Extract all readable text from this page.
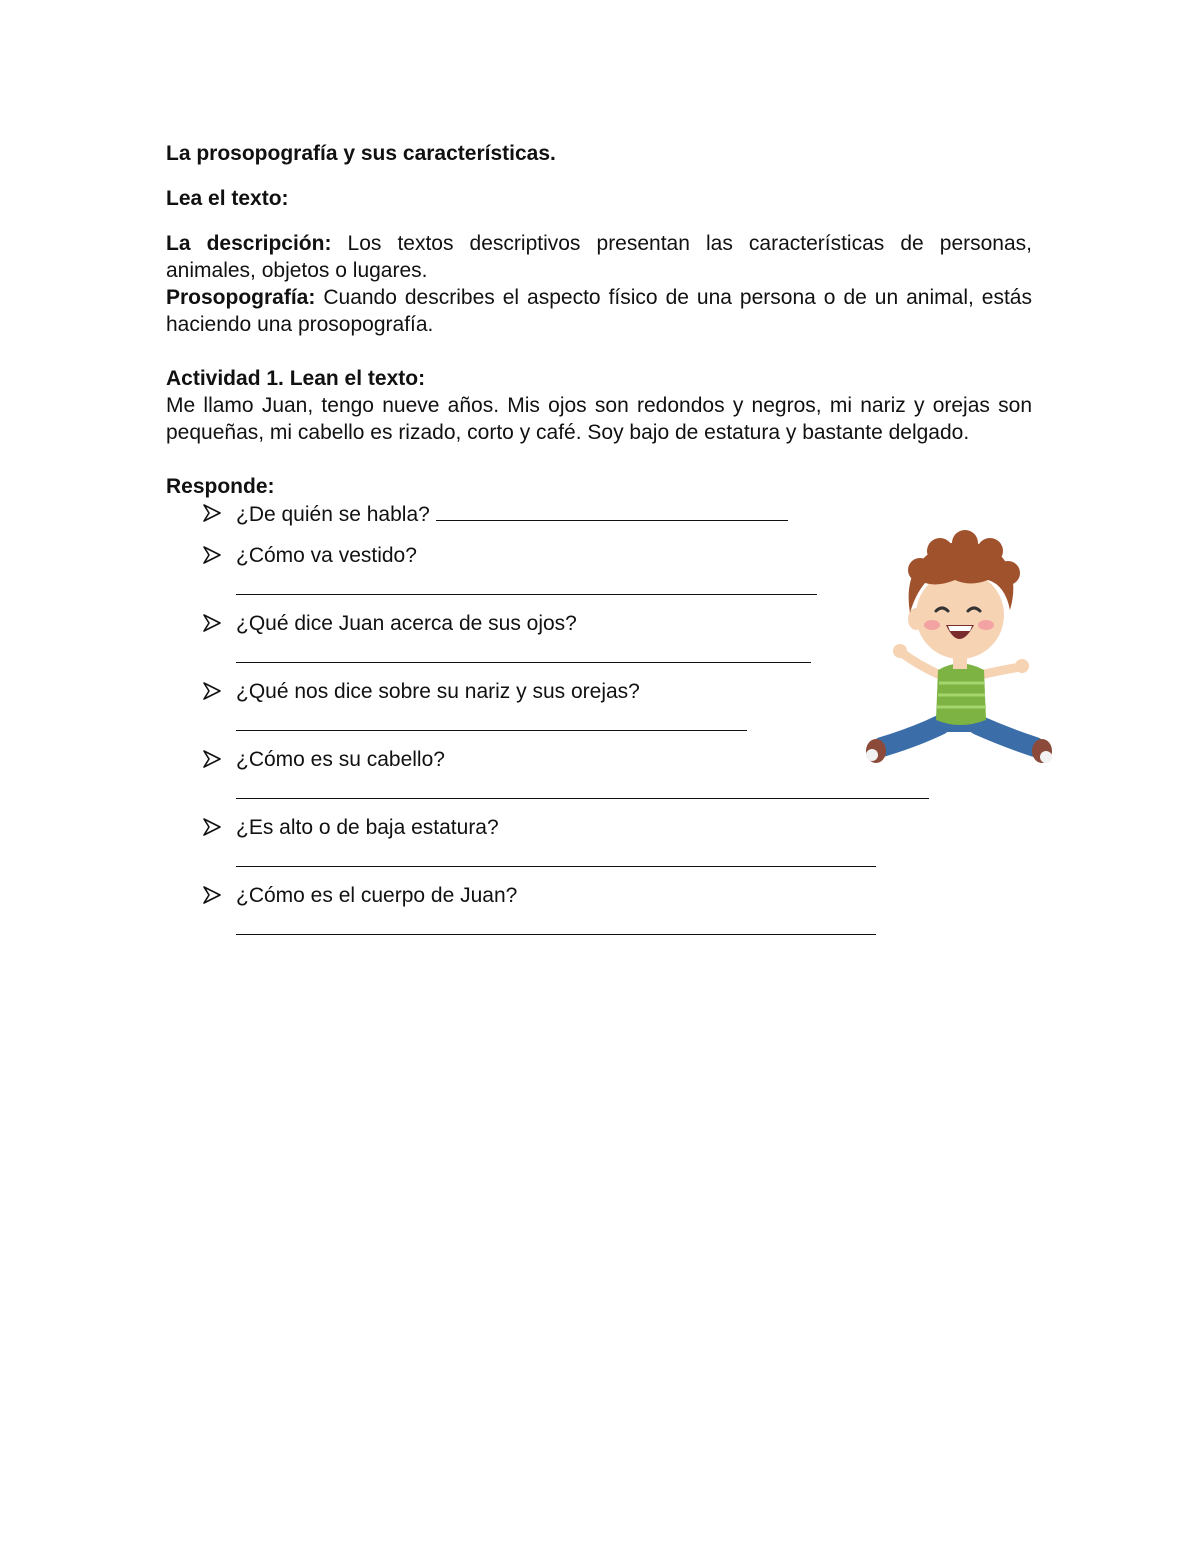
La prosopografía y sus características.

Lea el texto:

La descripción: Los textos descriptivos presentan las características de personas, animales, objetos o lugares.

Prosopografía: Cuando describes el aspecto físico de una persona o de un animal, estás haciendo una prosopografía.

Actividad 1. Lean el texto:

Me llamo Juan, tengo nueve años. Mis ojos son redondos y negros, mi nariz y orejas son pequeñas, mi cabello es rizado, corto y café. Soy bajo de estatura y bastante delgado.

Responde:

¿De quién se habla?
¿Cómo va vestido?
¿Qué dice Juan acerca de sus ojos?
¿Qué nos dice sobre su nariz y sus orejas?
¿Cómo es su cabello?
¿Es alto o de baja estatura?
¿Cómo es el cuerpo de Juan?
